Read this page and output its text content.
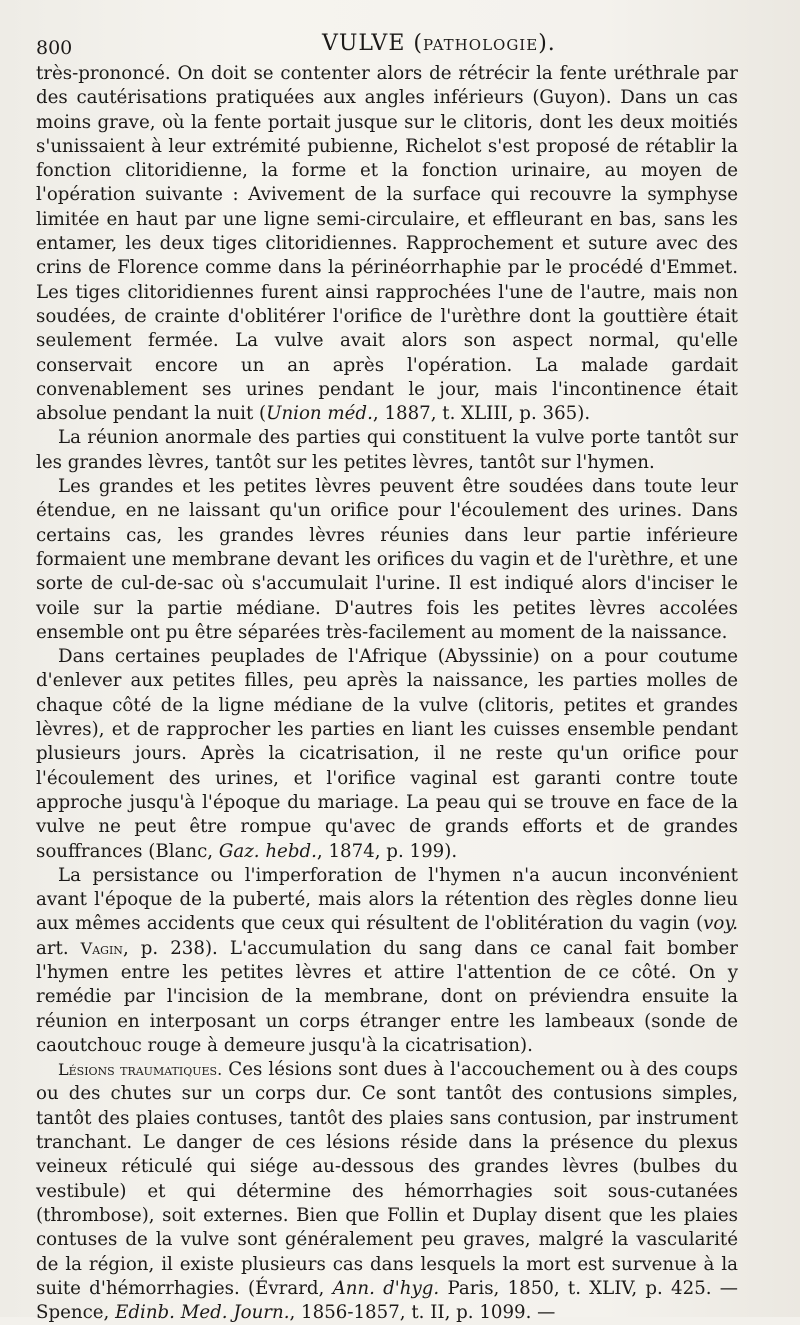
800	VULVE (PATHOLOGIE).

très-prononcé. On doit se contenter alors de rétrécir la fente uréthrale par des cautérisations pratiquées aux angles inférieurs (Guyon). Dans un cas moins grave, où la fente portait jusque sur le clitoris, dont les deux moitiés s'unissaient à leur extrémité pubienne, Richelot s'est proposé de rétablir la fonction clitoridienne, la forme et la fonction urinaire, au moyen de l'opération suivante : Avivement de la surface qui recouvre la symphyse limitée en haut par une ligne semi-circulaire, et effleurant en bas, sans les entamer, les deux tiges clitoridiennes. Rapprochement et suture avec des crins de Florence comme dans la périnéorrhaphie par le procédé d'Emmet. Les tiges clitoridiennes furent ainsi rapprochées l'une de l'autre, mais non soudées, de crainte d'oblitérer l'orifice de l'urèthre dont la gouttière était seulement fermée. La vulve avait alors son aspect normal, qu'elle conservait encore un an après l'opération. La malade gardait convenablement ses urines pendant le jour, mais l'incontinence était absolue pendant la nuit (Union méd., 1887, t. XLIII, p. 365).

La réunion anormale des parties qui constituent la vulve porte tantôt sur les grandes lèvres, tantôt sur les petites lèvres, tantôt sur l'hymen.

Les grandes et les petites lèvres peuvent être soudées dans toute leur étendue, en ne laissant qu'un orifice pour l'écoulement des urines. Dans certains cas, les grandes lèvres réunies dans leur partie inférieure formaient une membrane devant les orifices du vagin et de l'urèthre, et une sorte de cul-de-sac où s'accumulait l'urine. Il est indiqué alors d'inciser le voile sur la partie médiane. D'autres fois les petites lèvres accolées ensemble ont pu être séparées très-facilement au moment de la naissance.

Dans certaines peuplades de l'Afrique (Abyssinie) on a pour coutume d'enlever aux petites filles, peu après la naissance, les parties molles de chaque côté de la ligne médiane de la vulve (clitoris, petites et grandes lèvres), et de rapprocher les parties en liant les cuisses ensemble pendant plusieurs jours. Après la cicatrisation, il ne reste qu'un orifice pour l'écoulement des urines, et l'orifice vaginal est garanti contre toute approche jusqu'à l'époque du mariage. La peau qui se trouve en face de la vulve ne peut être rompue qu'avec de grands efforts et de grandes souffrances (Blanc, Gaz. hebd., 1874, p. 199).

La persistance ou l'imperforation de l'hymen n'a aucun inconvénient avant l'époque de la puberté, mais alors la rétention des règles donne lieu aux mêmes accidents que ceux qui résultent de l'oblitération du vagin (voy. art. Vagin, p. 238). L'accumulation du sang dans ce canal fait bomber l'hymen entre les petites lèvres et attire l'attention de ce côté. On y remédie par l'incision de la membrane, dont on préviendra ensuite la réunion en interposant un corps étranger entre les lambeaux (sonde de caoutchouc rouge à demeure jusqu'à la cicatrisation).

Lésions traumatiques. Ces lésions sont dues à l'accouchement ou à des coups ou des chutes sur un corps dur. Ce sont tantôt des contusions simples, tantôt des plaies contuses, tantôt des plaies sans contusion, par instrument tranchant. Le danger de ces lésions réside dans la présence du plexus veineux réticulé qui siége au-dessous des grandes lèvres (bulbes du vestibule) et qui détermine des hémorrhagies soit sous-cutanées (thrombose), soit externes. Bien que Follin et Duplay disent que les plaies contuses de la vulve sont généralement peu graves, malgré la vascularité de la région, il existe plusieurs cas dans lesquels la mort est survenue à la suite d'hémorrhagies. (Évrard, Ann. d'hyg. Paris, 1850, t. XLIV, p. 425. — Spence, Edinb. Med. Journ., 1856-1857, t. II, p. 1099. —
